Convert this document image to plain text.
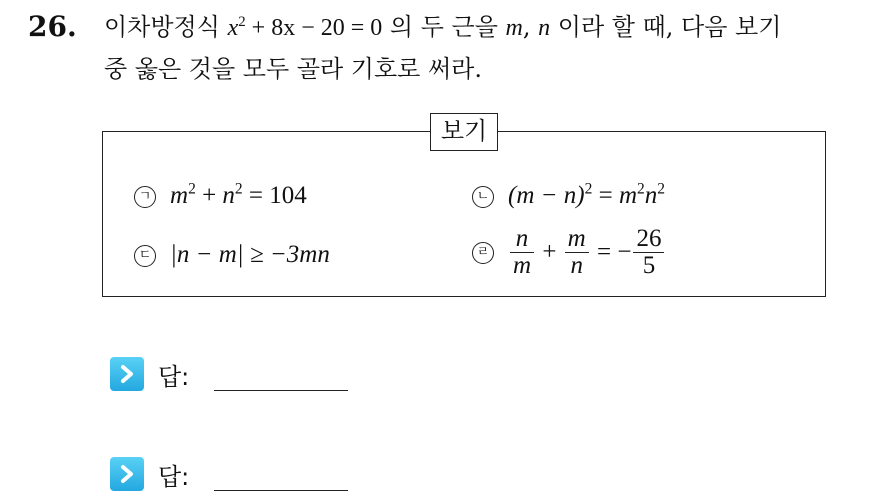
26. 이차방정식 $x^2 + 8x - 20 = 0$ 의 두 근을 m, n 이라 할 때, 다음 보기
중 옳은 것을 모두 골라 기호로 써라.
보기
ㄱ $m^2 + n^2 = 104$	ㄴ $(m - n)^2 = m^2n^2$
ㄷ |n − m| ≥ −3mn	ㄹ $\frac{n}{m} + \frac{m}{n}$ = − $\frac{26}{5}$
답:
답:
